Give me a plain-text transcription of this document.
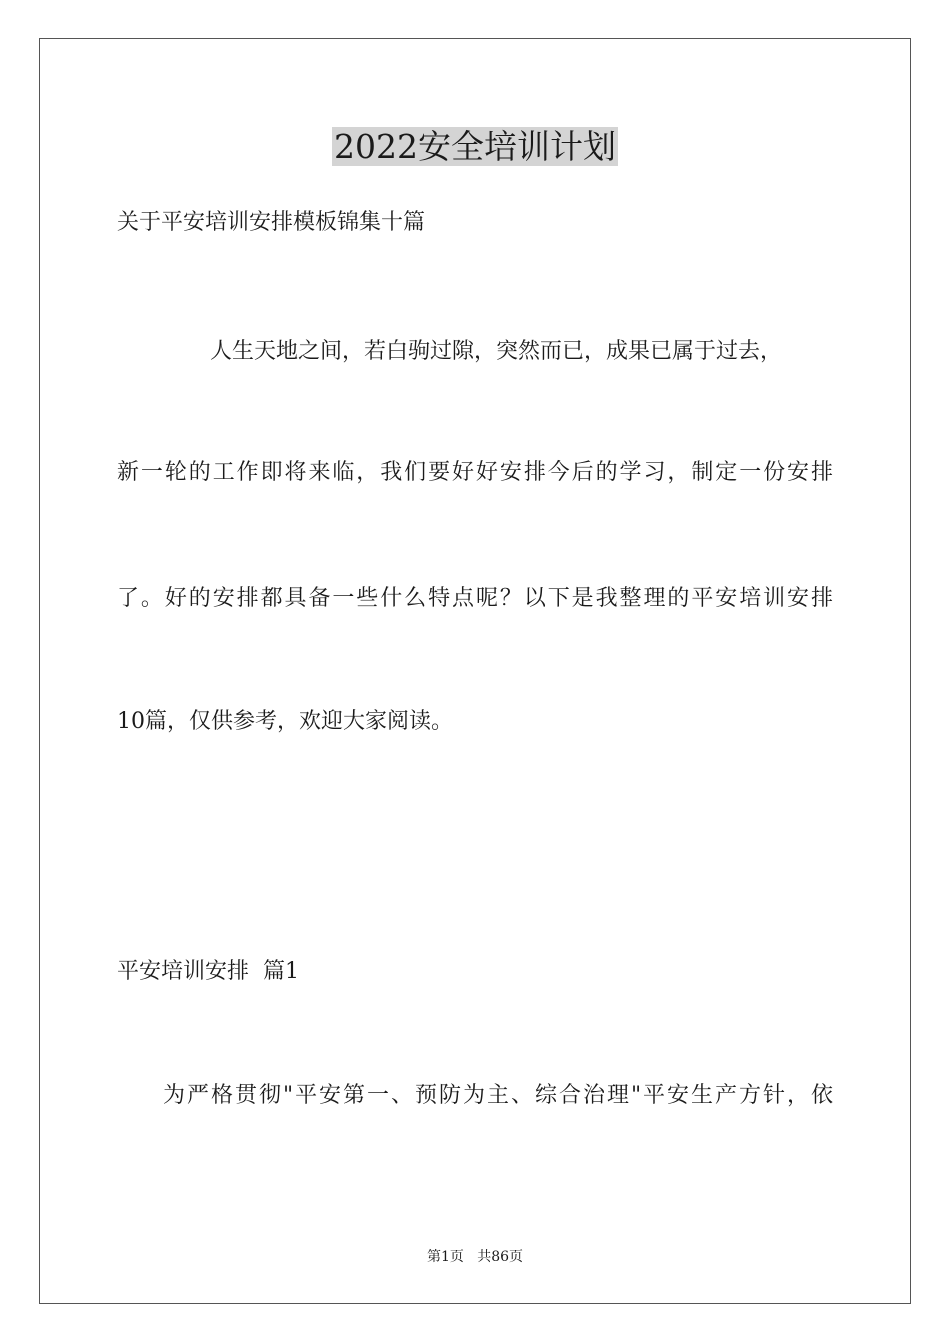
2022安全培训计划
关于平安培训安排模板锦集十篇
人生天地之间，若白驹过隙，突然而已，成果已属于过去，
新一轮的工作即将来临，我们要好好安排今后的学习，制定一份安排
了。好的安排都具备一些什么特点呢？以下是我整理的平安培训安排
10篇，仅供参考，欢迎大家阅读。
平安培训安排  篇1
为严格贯彻"平安第一、预防为主、综合治理"平安生产方针，依
第1页   共86页
